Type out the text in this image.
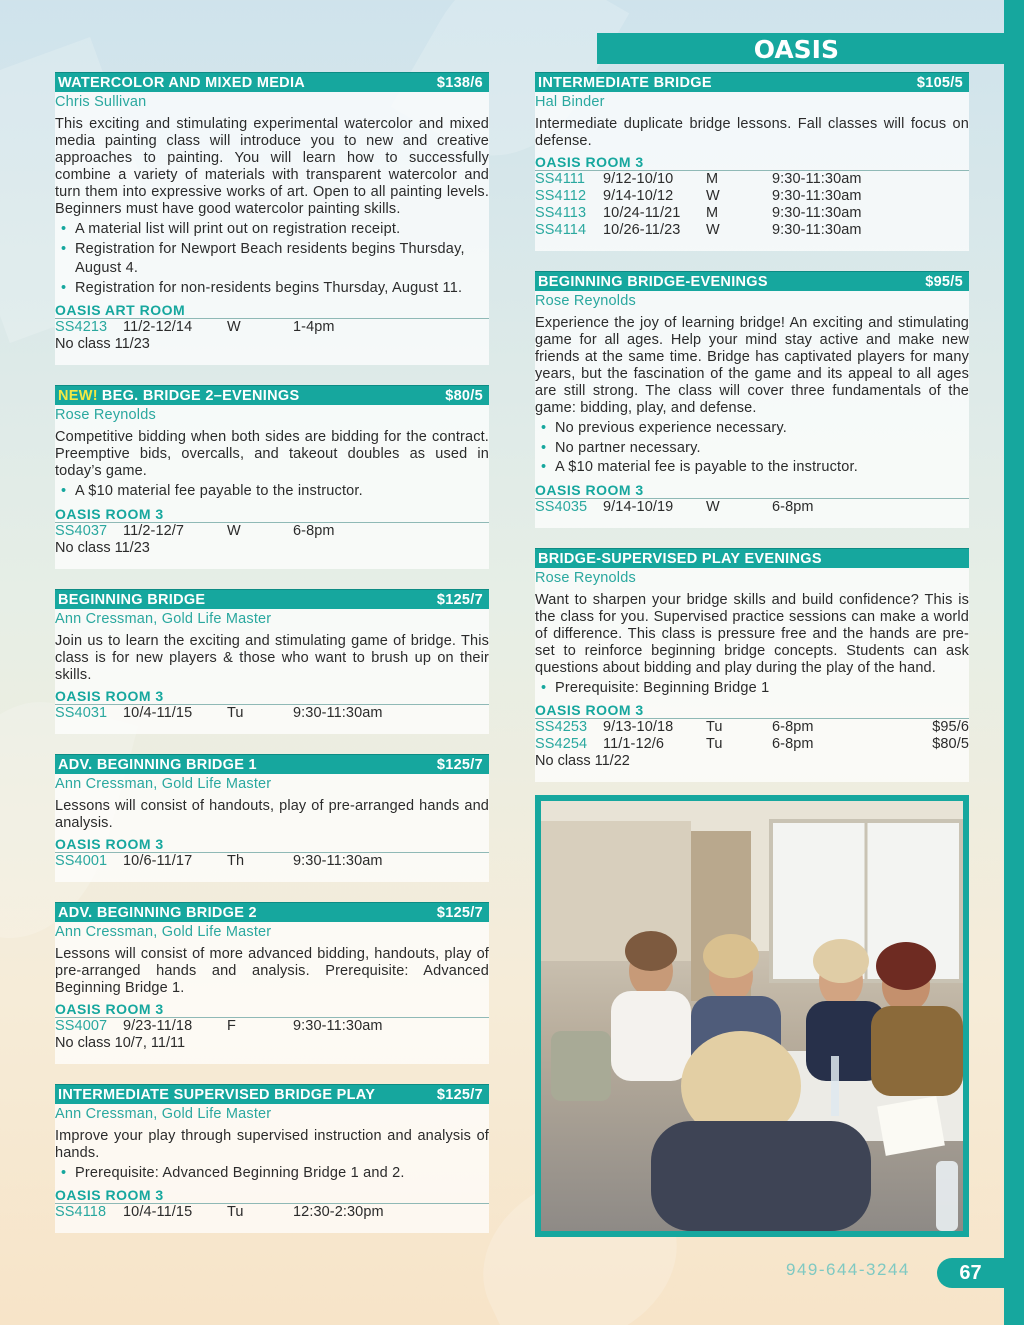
OASIS
WATERCOLOR AND MIXED MEDIA	$138/6
Chris Sullivan
This exciting and stimulating experimental watercolor and mixed media painting class will introduce you to new and creative approaches to painting. You will learn how to successfully combine a variety of materials with transparent watercolor and turn them into expressive works of art. Open to all painting levels. Beginners must have good watercolor painting skills.
• A material list will print out on registration receipt.
• Registration for Newport Beach residents begins Thursday, August 4.
• Registration for non-residents begins Thursday, August 11.
OASIS ART ROOM
SS4213	11/2-12/14	W	1-4pm
No class 11/23
NEW! BEG. BRIDGE 2–EVENINGS	$80/5
Rose Reynolds
Competitive bidding when both sides are bidding for the contract. Preemptive bids, overcalls, and takeout doubles as used in today’s game.
• A $10 material fee payable to the instructor.
OASIS ROOM 3
SS4037	11/2-12/7	W	6-8pm
No class 11/23
BEGINNING BRIDGE	$125/7
Ann Cressman, Gold Life Master
Join us to learn the exciting and stimulating game of bridge. This class is for new players & those who want to brush up on their skills.
OASIS ROOM 3
SS4031	10/4-11/15	Tu	9:30-11:30am
ADV. BEGINNING BRIDGE 1	$125/7
Ann Cressman, Gold Life Master
Lessons will consist of handouts, play of pre-arranged hands and analysis.
OASIS ROOM 3
SS4001	10/6-11/17	Th	9:30-11:30am
ADV. BEGINNING BRIDGE 2	$125/7
Ann Cressman, Gold Life Master
Lessons will consist of more advanced bidding, handouts, play of pre-arranged hands and analysis. Prerequisite: Advanced Beginning Bridge 1.
OASIS ROOM 3
SS4007	9/23-11/18	F	9:30-11:30am
No class 10/7, 11/11
INTERMEDIATE SUPERVISED BRIDGE PLAY	$125/7
Ann Cressman, Gold Life Master
Improve your play through supervised instruction and analysis of hands.
• Prerequisite: Advanced Beginning Bridge 1 and 2.
OASIS ROOM 3
SS4118	10/4-11/15	Tu	12:30-2:30pm
INTERMEDIATE BRIDGE	$105/5
Hal Binder
Intermediate duplicate bridge lessons. Fall classes will focus on defense.
OASIS ROOM 3
SS4111	9/12-10/10	M	9:30-11:30am
SS4112	9/14-10/12	W	9:30-11:30am
SS4113	10/24-11/21	M	9:30-11:30am
SS4114	10/26-11/23	W	9:30-11:30am
BEGINNING BRIDGE-EVENINGS	$95/5
Rose Reynolds
Experience the joy of learning bridge! An exciting and stimulating game for all ages. Help your mind stay active and make new friends at the same time. Bridge has captivated players for many years, but the fascination of the game and its appeal to all ages are still strong. The class will cover three fundamentals of the game: bidding, play, and defense.
• No previous experience necessary.
• No partner necessary.
• A $10 material fee is payable to the instructor.
OASIS ROOM 3
SS4035	9/14-10/19	W	6-8pm
BRIDGE-SUPERVISED PLAY EVENINGS
Rose Reynolds
Want to sharpen your bridge skills and build confidence? This is the class for you. Supervised practice sessions can make a world of difference. This class is pressure free and the hands are pre-set to reinforce beginning bridge concepts. Students can ask questions about bidding and play during the play of the hand.
• Prerequisite: Beginning Bridge 1
OASIS ROOM 3
SS4253	9/13-10/18	Tu	6-8pm	$95/6
SS4254	11/1-12/6	Tu	6-8pm	$80/5
No class 11/22
949-644-3244	67
